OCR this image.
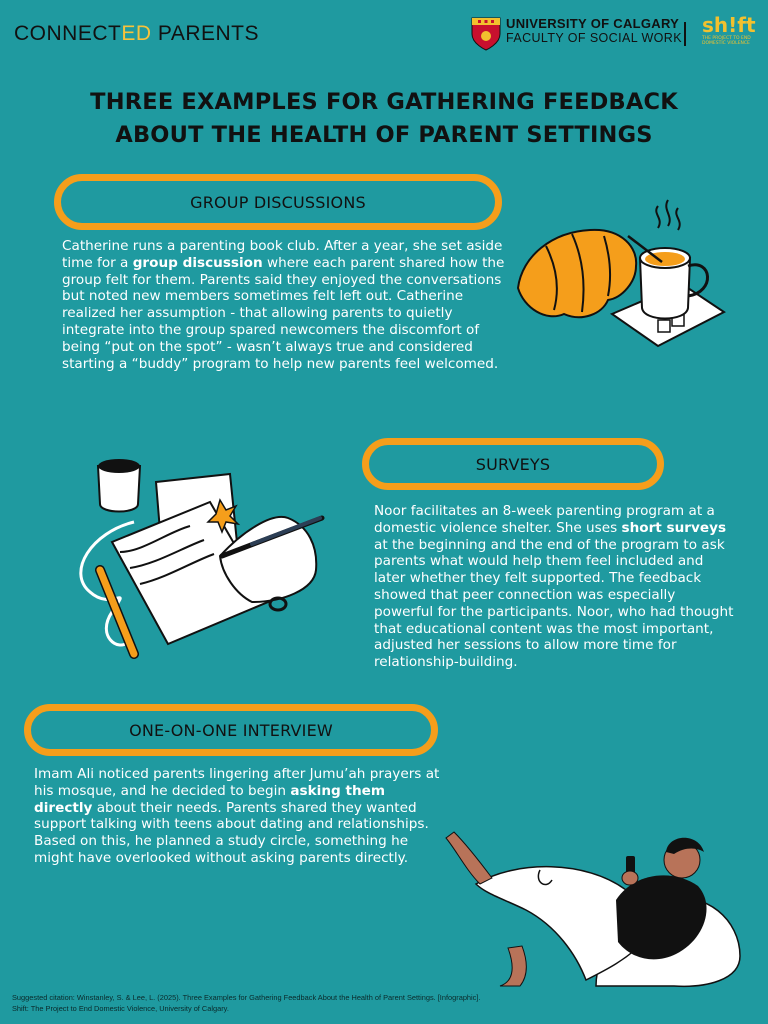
CONNECTED PARENTS	UNIVERSITY OF CALGARY
FACULTY OF SOCIAL WORK
sh!ft
THE PROJECT TO END DOMESTIC VIOLENCE
THREE EXAMPLES FOR GATHERING FEEDBACK
ABOUT THE HEALTH OF PARENT SETTINGS
GROUP DISCUSSIONS
Catherine runs a parenting book club. After a year, she set aside time for a group discussion where each parent shared how the group felt for them. Parents said they enjoyed the conversations but noted new members sometimes felt left out. Catherine realized her assumption - that allowing parents to quietly integrate into the group spared newcomers the discomfort of being “put on the spot” - wasn’t always true and considered starting a “buddy” program to help new parents feel welcomed.
SURVEYS
Noor facilitates an 8-week parenting program at a domestic violence shelter. She uses short surveys at the beginning and the end of the program to ask parents what would help them feel included and later whether they felt supported. The feedback showed that peer connection was especially powerful for the participants. Noor, who had thought that educational content was the most important, adjusted her sessions to allow more time for relationship-building.
ONE-ON-ONE INTERVIEW
Imam Ali noticed parents lingering after Jumu’ah prayers at his mosque, and he decided to begin asking them directly about their needs. Parents shared they wanted support talking with teens about dating and relationships. Based on this, he planned a study circle, something he might have overlooked without asking parents directly.
Suggested citation: Winstanley, S. & Lee, L. (2025). Three Examples for Gathering Feedback About the Health of Parent Settings. [Infographic]. Shift: The Project to End Domestic Violence, University of Calgary.
